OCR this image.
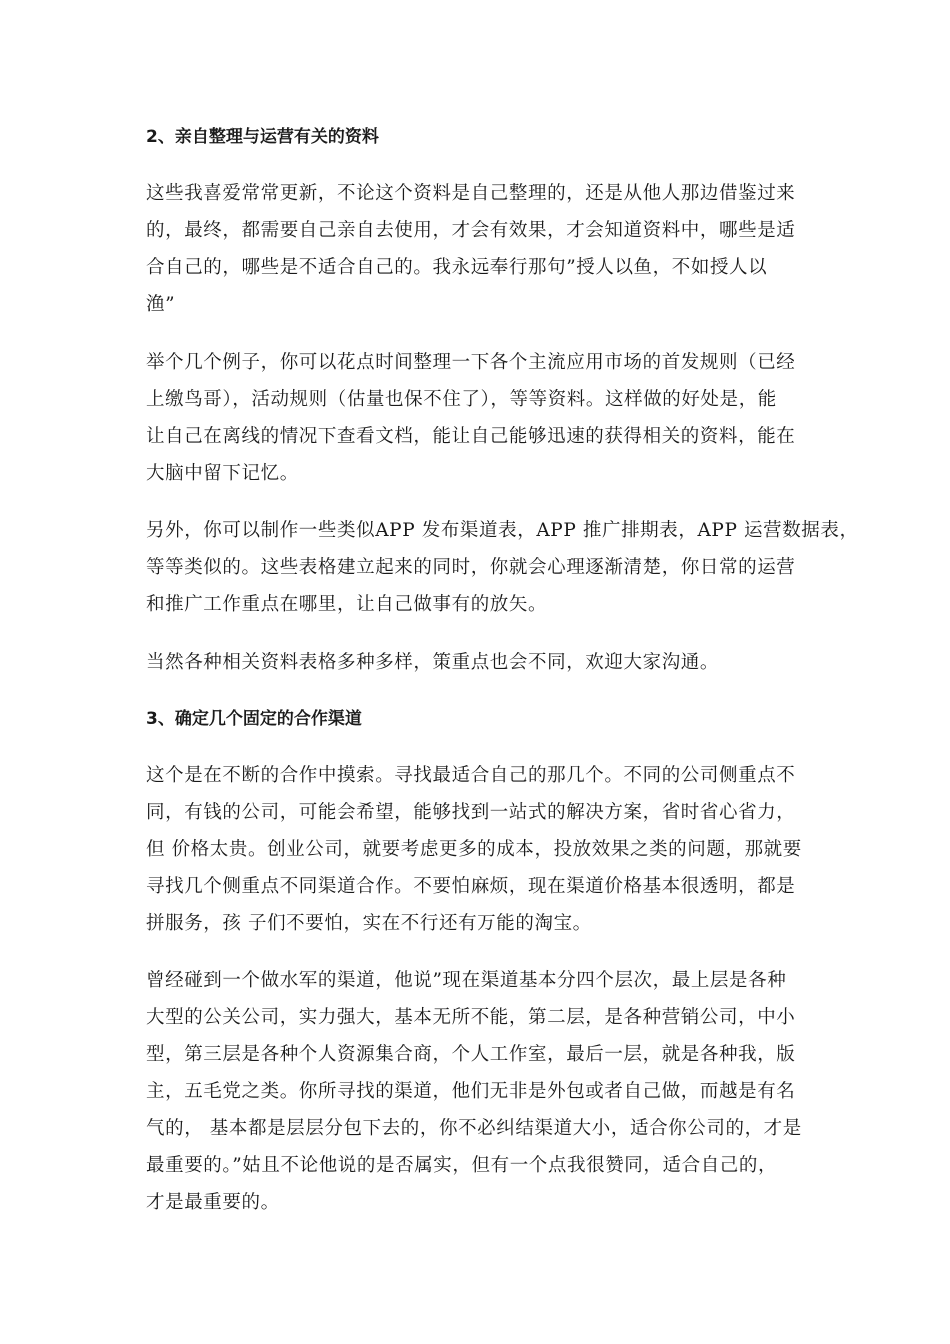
2、亲自整理与运营有关的资料
这些我喜爱常常更新，不论这个资料是自己整理的，还是从他人那边借鉴过来
的，最终，都需要自己亲自去使用，才会有效果，才会知道资料中，哪些是适
合自己的，哪些是不适合自己的。我永远奉行那句”授人以鱼，不如授人以
渔”
举个几个例子，你可以花点时间整理一下各个主流应用市场的首发规则（已经
上缴鸟哥），活动规则（估量也保不住了），等等资料。这样做的好处是，能
让自己在离线的情况下查看文档，能让自己能够迅速的获得相关的资料，能在
大脑中留下记忆。
另外，你可以制作一些类似APP 发布渠道表，APP 推广排期表，APP 运营数据表，
等等类似的。这些表格建立起来的同时，你就会心理逐渐清楚，你日常的运营
和推广工作重点在哪里，让自己做事有的放矢。
当然各种相关资料表格多种多样，策重点也会不同，欢迎大家沟通。
3、确定几个固定的合作渠道
这个是在不断的合作中摸索。寻找最适合自己的那几个。不同的公司侧重点不
同，有钱的公司，可能会希望，能够找到一站式的解决方案，省时省心省力，
但 价格太贵。创业公司，就要考虑更多的成本，投放效果之类的问题，那就要
寻找几个侧重点不同渠道合作。不要怕麻烦，现在渠道价格基本很透明，都是
拼服务，孩 子们不要怕，实在不行还有万能的淘宝。
曾经碰到一个做水军的渠道，他说”现在渠道基本分四个层次，最上层是各种
大型的公关公司，实力强大，基本无所不能，第二层，是各种营销公司，中小
型，第三层是各种个人资源集合商，个人工作室，最后一层，就是各种我，版
主，五毛党之类。你所寻找的渠道，他们无非是外包或者自己做，而越是有名
气的， 基本都是层层分包下去的，你不必纠结渠道大小，适合你公司的，才是
最重要的。”姑且不论他说的是否属实，但有一个点我很赞同，适合自己的，
才是最重要的。
